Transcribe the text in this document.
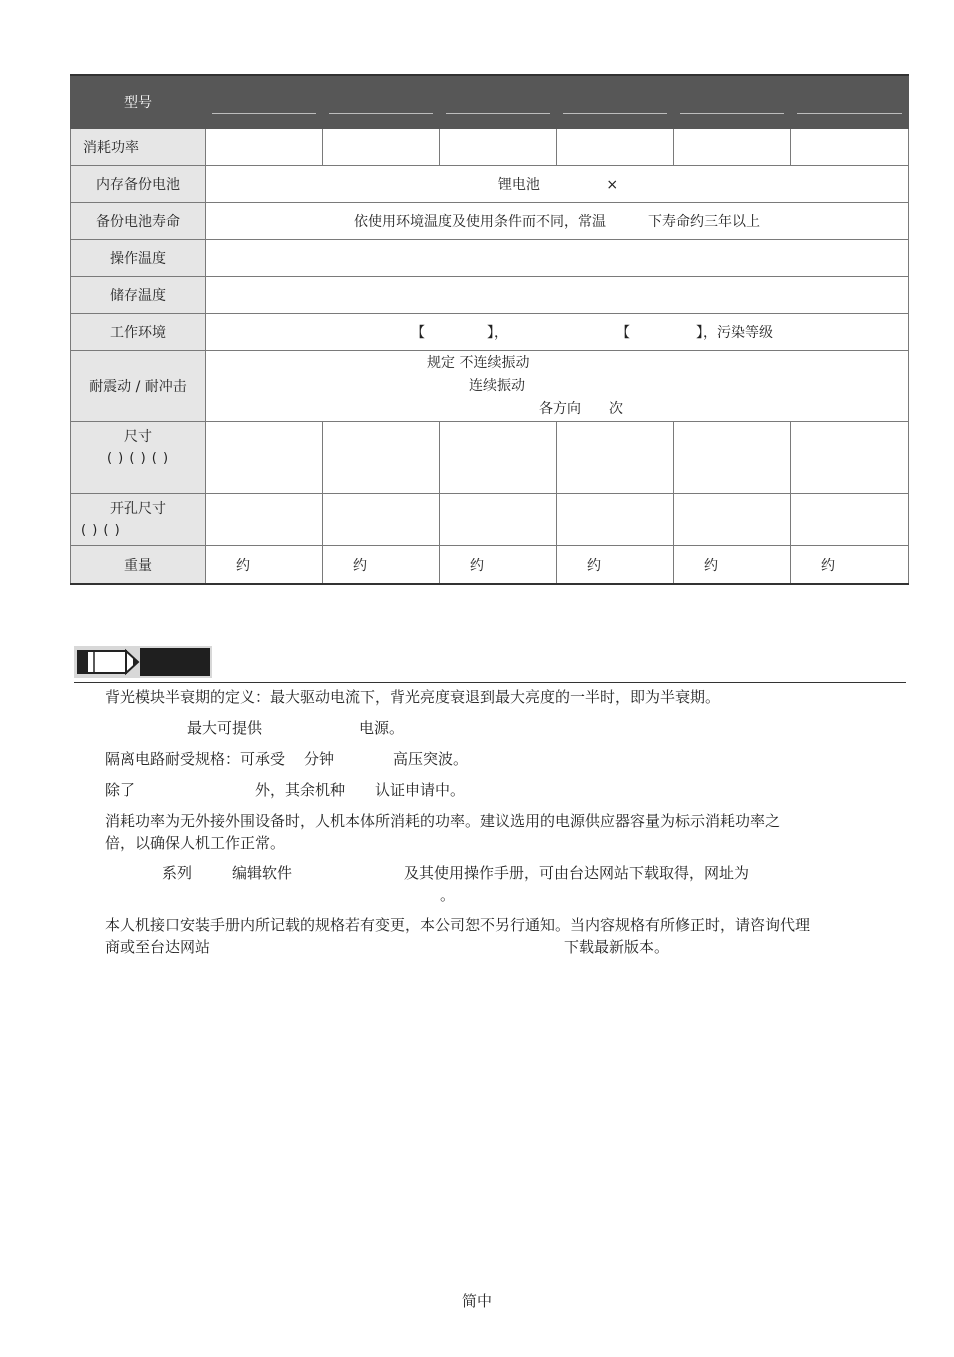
型号						
消耗功率						
内存备份电池	锂电池 ×					
备份电池寿命	依使用环境温度及使用条件而不同，常温 下寿命约三年以上					
操作温度						
储存温度						
工作环境	【 】， 【 】，污染等级					
耐震动 / 耐冲击	规定 不连续振动
连续振动
各方向 次					

尺寸
( ) ( ) ( )						

开孔尺寸
( ) ( )						

重量	约	约	约	约	约	约

背光模块半衰期的定义：最大驱动电流下，背光亮度衰退到最大亮度的一半时，即为半衰期。

最大可提供	电源。

隔离电路耐受规格：可承受 分钟	高压突波。

除了	外，其余机种 认证申请中。

消耗功率为无外接外围设备时，人机本体所消耗的功率。建议选用的电源供应器容量为标示消耗功率之

倍，以确保人机工作正常。

系列	编辑软件	及其使用操作手册，可由台达网站下载取得，网址为

。

本人机接口安装手册内所记载的规格若有变更，本公司恕不另行通知。当内容规格有所修正时，请咨询代理

商或至台达网站	下载最新版本。

简中
